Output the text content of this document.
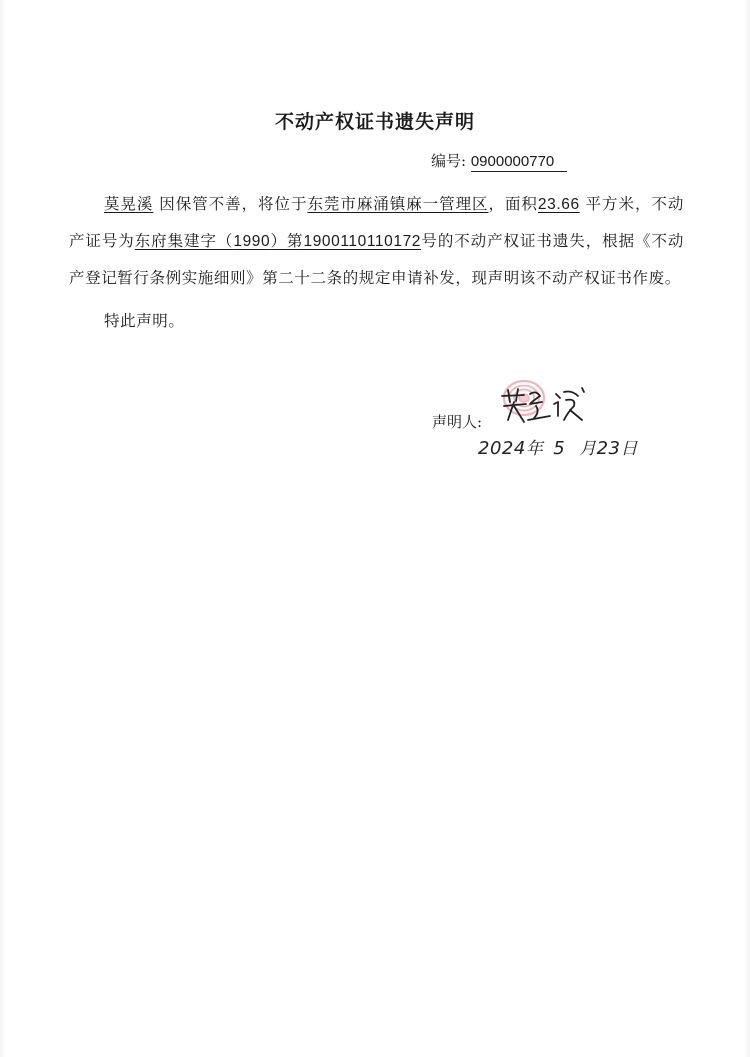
不动产权证书遗失声明
编号: 0900000770

莫晃溪 因保管不善，将位于东莞市麻涌镇麻一管理区，面积23.66 平方米，不动产证号为东府集建字（1990）第1900110110172号的不动产权证书遗失，根据《不动产登记暂行条例实施细则》第二十二条的规定申请补发，现声明该不动产权证书作废。

特此声明。

声明人:
2024年 5 月23日
